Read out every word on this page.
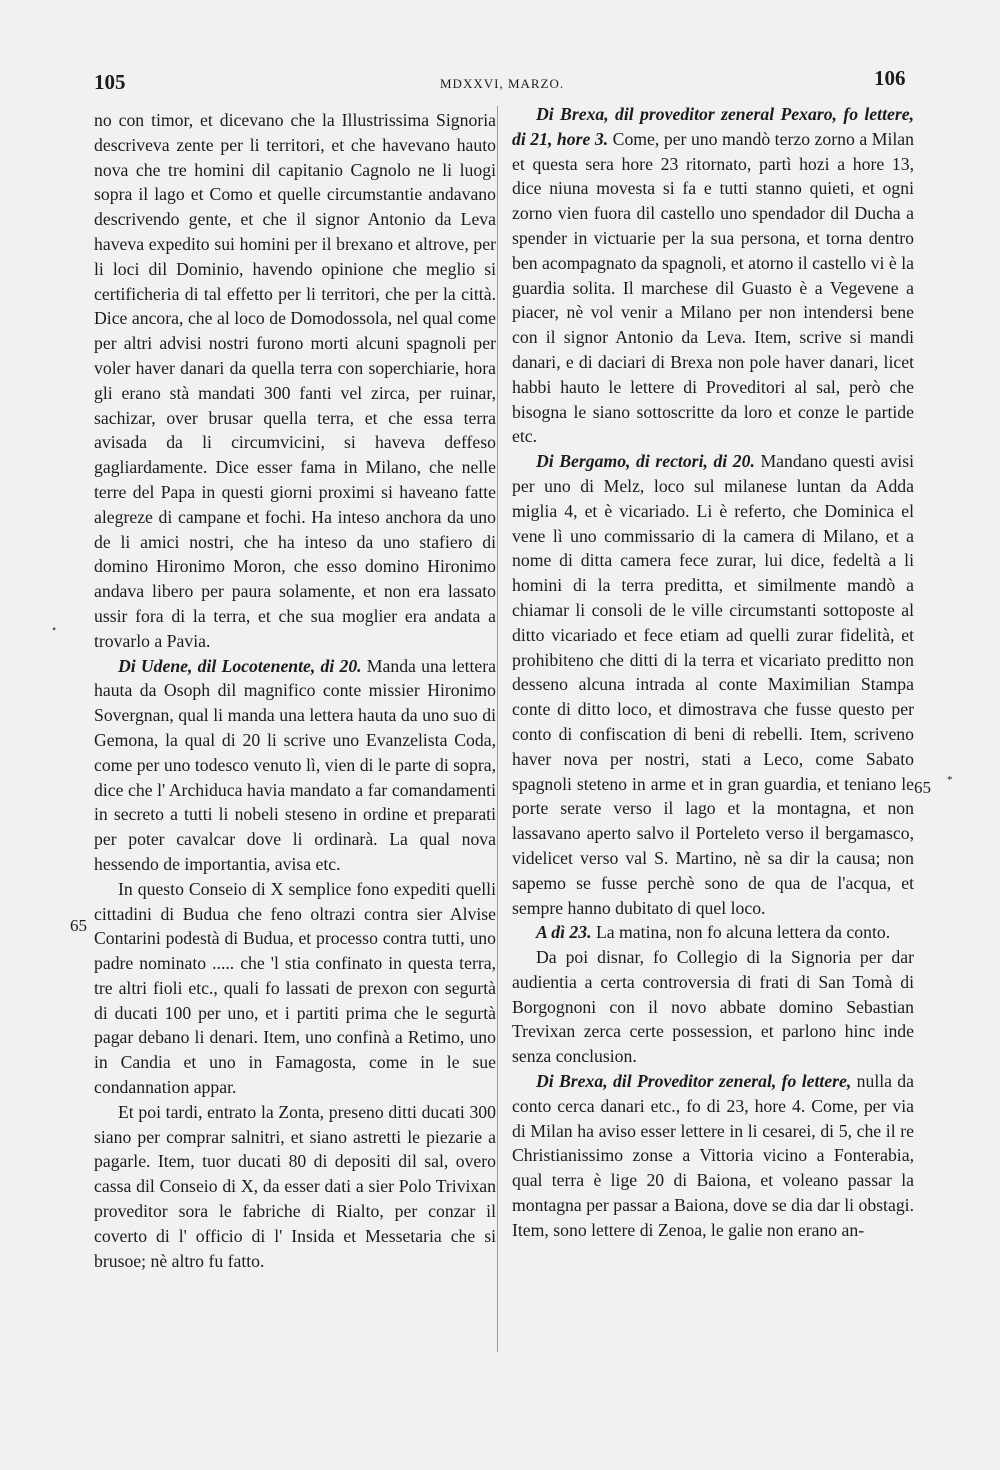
105	MDXXVI, MARZO.	106
•
65
65 *

no con timor, et dicevano che la Illustrissima Signoria descriveva zente per li territori, et che havevano hauto nova che tre homini dil capitanio Cagnolo ne li luogi sopra il lago et Como et quelle circumstantie andavano descrivendo gente, et che il signor Antonio da Leva haveva expedito sui homini per il brexano et altrove, per li loci dil Dominio, havendo opinione che meglio si certificheria di tal effetto per li territori, che per la città. Dice ancora, che al loco de Domodossola, nel qual come per altri advisi nostri furono morti alcuni spagnoli per voler haver danari da quella terra con soperchiarie, hora gli erano stà mandati 300 fanti vel zirca, per ruinar, sachizar, over brusar quella terra, et che essa terra avisada da li circumvicini, si haveva deffeso gagliardamente. Dice esser fama in Milano, che nelle terre del Papa in questi giorni proximi si haveano fatte alegreze di campane et fochi. Ha inteso anchora da uno de li amici nostri, che ha inteso da uno stafiero di domino Hironimo Moron, che esso domino Hironimo andava libero per paura solamente, et non era lassato ussir fora di la terra, et che sua moglier era andata a trovarlo a Pavia.

Di Udene, dil Locotenente, di 20. Manda una lettera hauta da Osoph dil magnifico conte missier Hironimo Sovergnan, qual li manda una lettera hauta da uno suo di Gemona, la qual di 20 li scrive uno Evanzelista Coda, come per uno todesco venuto lì, vien di le parte di sopra, dice che l' Archiduca havia mandato a far comandamenti in secreto a tutti li nobeli steseno in ordine et preparati per poter cavalcar dove li ordinarà. La qual nova hessendo de importantia, avisa etc.

In questo Conseio di X semplice fono expediti quelli cittadini di Budua che feno oltrazi contra sier Alvise Contarini podestà di Budua, et processo contra tutti, uno padre nominato ..... che 'l stia confinato in questa terra, tre altri fioli etc., quali fo lassati de prexon con segurtà di ducati 100 per uno, et i partiti prima che le segurtà pagar debano li denari. Item, uno confinà a Retimo, uno in Candia et uno in Famagosta, come in le sue condannation appar.

Et poi tardi, entrato la Zonta, preseno ditti ducati 300 siano per comprar salnitri, et siano astretti le piezarie a pagarle. Item, tuor ducati 80 di depositi dil sal, overo cassa dil Conseio di X, da esser dati a sier Polo Trivixan proveditor sora le fabriche di Rialto, per conzar il coverto di l' officio di l' Insida et Messetaria che si brusoe; nè altro fu fatto.

Di Brexa, dil proveditor zeneral Pexaro, fo lettere, di 21, hore 3. Come, per uno mandò terzo zorno a Milan et questa sera hore 23 ritornato, partì hozi a hore 13, dice niuna movesta si fa e tutti stanno quieti, et ogni zorno vien fuora dil castello uno spendador dil Ducha a spender in victuarie per la sua persona, et torna dentro ben acompagnato da spagnoli, et atorno il castello vi è la guardia solita. Il marchese dil Guasto è a Vegevene a piacer, nè vol venir a Milano per non intendersi bene con il signor Antonio da Leva. Item, scrive si mandi danari, e di daciari di Brexa non pole haver danari, licet habbi hauto le lettere di Proveditori al sal, però che bisogna le siano sottoscritte da loro et conze le partide etc.

Di Bergamo, di rectori, di 20. Mandano questi avisi per uno di Melz, loco sul milanese luntan da Adda miglia 4, et è vicariado. Li è referto, che Dominica el vene lì uno commissario di la camera di Milano, et a nome di ditta camera fece zurar, lui dice, fedeltà a li homini di la terra preditta, et similmente mandò a chiamar li consoli de le ville circumstanti sottoposte al ditto vicariado et fece etiam ad quelli zurar fidelità, et prohibiteno che ditti di la terra et vicariato preditto non desseno alcuna intrada al conte Maximilian Stampa conte di ditto loco, et dimostrava che fusse questo per conto di confiscation di beni di rebelli. Item, scriveno haver nova per nostri, stati a Leco, come Sabato spagnoli steteno in arme et in gran guardia, et teniano le porte serate verso il lago et la montagna, et non lassavano aperto salvo il Porteleto verso il bergamasco, videlicet verso val S. Martino, nè sa dir la causa; non sapemo se fusse perchè sono de qua de l'acqua, et sempre hanno dubitato di quel loco.

A dì 23. La matina, non fo alcuna lettera da conto.

Da poi disnar, fo Collegio di la Signoria per dar audientia a certa controversia di frati di San Tomà di Borgognoni con il novo abbate domino Sebastian Trevixan zerca certe possession, et parlono hinc inde senza conclusion.

Di Brexa, dil Proveditor zeneral, fo lettere, nulla da conto cerca danari etc., fo di 23, hore 4. Come, per via di Milan ha aviso esser lettere in li cesarei, di 5, che il re Christianissimo zonse a Vittoria vicino a Fonterabia, qual terra è lige 20 di Baiona, et voleano passar la montagna per passar a Baiona, dove se dia dar li obstagi. Item, sono lettere di Zenoa, le galie non erano an-
